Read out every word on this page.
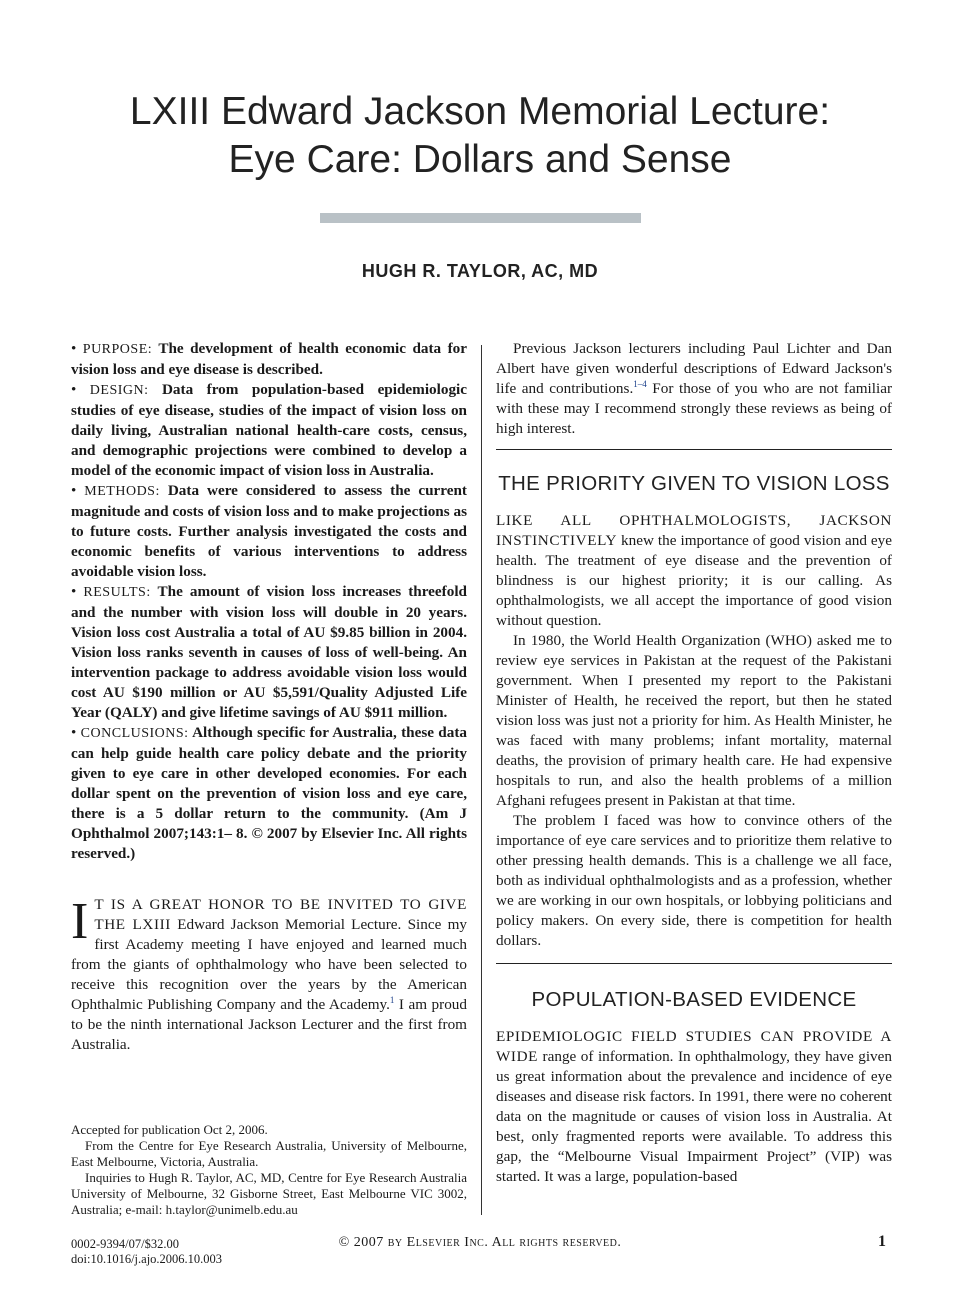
LXIII Edward Jackson Memorial Lecture:
Eye Care: Dollars and Sense
HUGH R. TAYLOR, AC, MD

• PURPOSE: The development of health economic data for vision loss and eye disease is described.

• DESIGN: Data from population-based epidemiologic studies of eye disease, studies of the impact of vision loss on daily living, Australian national health-care costs, census, and demographic projections were combined to develop a model of the economic impact of vision loss in Australia.

• METHODS: Data were considered to assess the current magnitude and costs of vision loss and to make projections as to future costs. Further analysis investigated the costs and economic benefits of various interventions to address avoidable vision loss.

• RESULTS: The amount of vision loss increases threefold and the number with vision loss will double in 20 years. Vision loss cost Australia a total of AU $9.85 billion in 2004. Vision loss ranks seventh in causes of loss of well-being. An intervention package to address avoidable vision loss would cost AU $190 million or AU $5,591/Quality Adjusted Life Year (QALY) and give lifetime savings of AU $911 million.

• CONCLUSIONS: Although specific for Australia, these data can help guide health care policy debate and the priority given to eye care in other developed economies. For each dollar spent on the prevention of vision loss and eye care, there is a 5 dollar return to the community. (Am J Ophthalmol 2007;143:1– 8. © 2007 by Elsevier Inc. All rights reserved.)

I T IS A GREAT HONOR TO BE INVITED TO GIVE THE LXIII Edward Jackson Memorial Lecture. Since my first Academy meeting I have enjoyed and learned much from the giants of ophthalmology who have been selected to receive this recognition over the years by the American Ophthalmic Publishing Company and the Academy.$^1$ I am proud to be the ninth international Jackson Lecturer and the first from Australia.

Accepted for publication Oct 2, 2006.

From the Centre for Eye Research Australia, University of Melbourne, East Melbourne, Victoria, Australia.

Inquiries to Hugh R. Taylor, AC, MD, Centre for Eye Research Australia University of Melbourne, 32 Gisborne Street, East Melbourne VIC 3002, Australia; e-mail: h.taylor@unimelb.edu.au

Previous Jackson lecturers including Paul Lichter and Dan Albert have given wonderful descriptions of Edward Jackson's life and contributions.$^{1-4}$ For those of you who are not familiar with these may I recommend strongly these reviews as being of high interest.

THE PRIORITY GIVEN TO VISION LOSS

LIKE ALL OPHTHALMOLOGISTS, JACKSON INSTINCTIVELY knew the importance of good vision and eye health. The treatment of eye disease and the prevention of blindness is our highest priority; it is our calling. As ophthalmologists, we all accept the importance of good vision without question.

In 1980, the World Health Organization (WHO) asked me to review eye services in Pakistan at the request of the Pakistani government. When I presented my report to the Pakistani Minister of Health, he received the report, but then he stated vision loss was just not a priority for him. As Health Minister, he was faced with many problems; infant mortality, maternal deaths, the provision of primary health care. He had expensive hospitals to run, and also the health problems of a million Afghani refugees present in Pakistan at that time.

The problem I faced was how to convince others of the importance of eye care services and to prioritize them relative to other pressing health demands. This is a challenge we all face, both as individual ophthalmologists and as a profession, whether we are working in our own hospitals, or lobbying politicians and policy makers. On every side, there is competition for health dollars.

POPULATION-BASED EVIDENCE

EPIDEMIOLOGIC FIELD STUDIES CAN PROVIDE A WIDE range of information. In ophthalmology, they have given us great information about the prevalence and incidence of eye diseases and disease risk factors. In 1991, there were no coherent data on the magnitude or causes of vision loss in Australia. At best, only fragmented reports were available. To address this gap, the “Melbourne Visual Impairment Project” (VIP) was started. It was a large, population-based

0002-9394/07/$32.00
doi:10.1016/j.ajo.2006.10.003
© 2007 by Elsevier Inc. All rights reserved.	1
